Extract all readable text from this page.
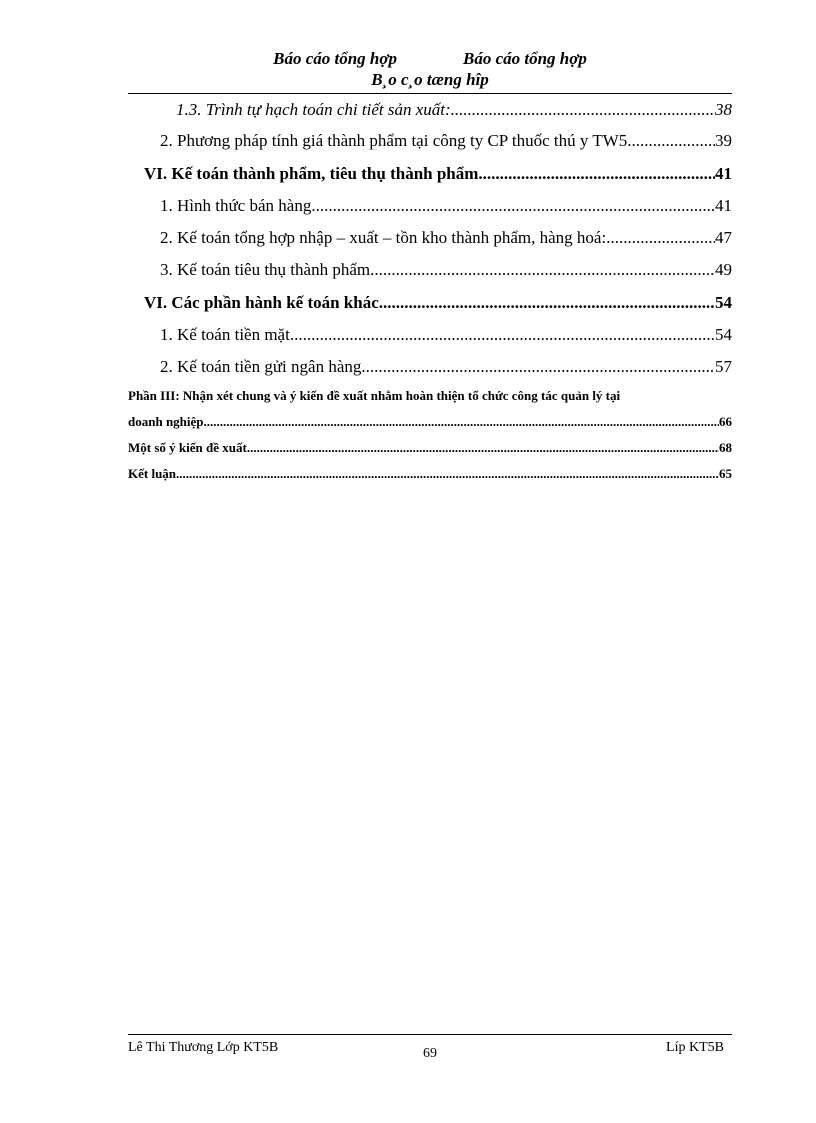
Báo cáo tổng hợp	Báo cáo tổng hợp
B¸o c¸o tæng hîp
1.3. Trình tự hạch toán chi tiết sản xuất: .....	38
2. Phương pháp tính giá thành phẩm tại công ty CP thuốc thú y TW5 .....	39
VI. Kế toán thành phẩm, tiêu thụ thành phẩm .....	41
1. Hình thức bán hàng .....	41
2. Kế toán tổng hợp nhập – xuất – tồn kho thành phẩm, hàng hoá: .....	47
3. Kế toán tiêu thụ thành phẩm .....	49
VI. Các phần hành kế toán khác .....	54
1. Kế toán tiền mặt .....	54
2. Kế toán tiền gửi ngân hàng .....	57
Phần III: Nhận xét chung và ý kiến đề xuất nhằm hoàn thiện tổ chức công tác quản lý tại
doanh nghiệp .....	66
Một số ý kiến đề xuất .....	68
Kết luận .....	65
Lê Thi Thương Lớp KT5B	69	Líp KT5B
